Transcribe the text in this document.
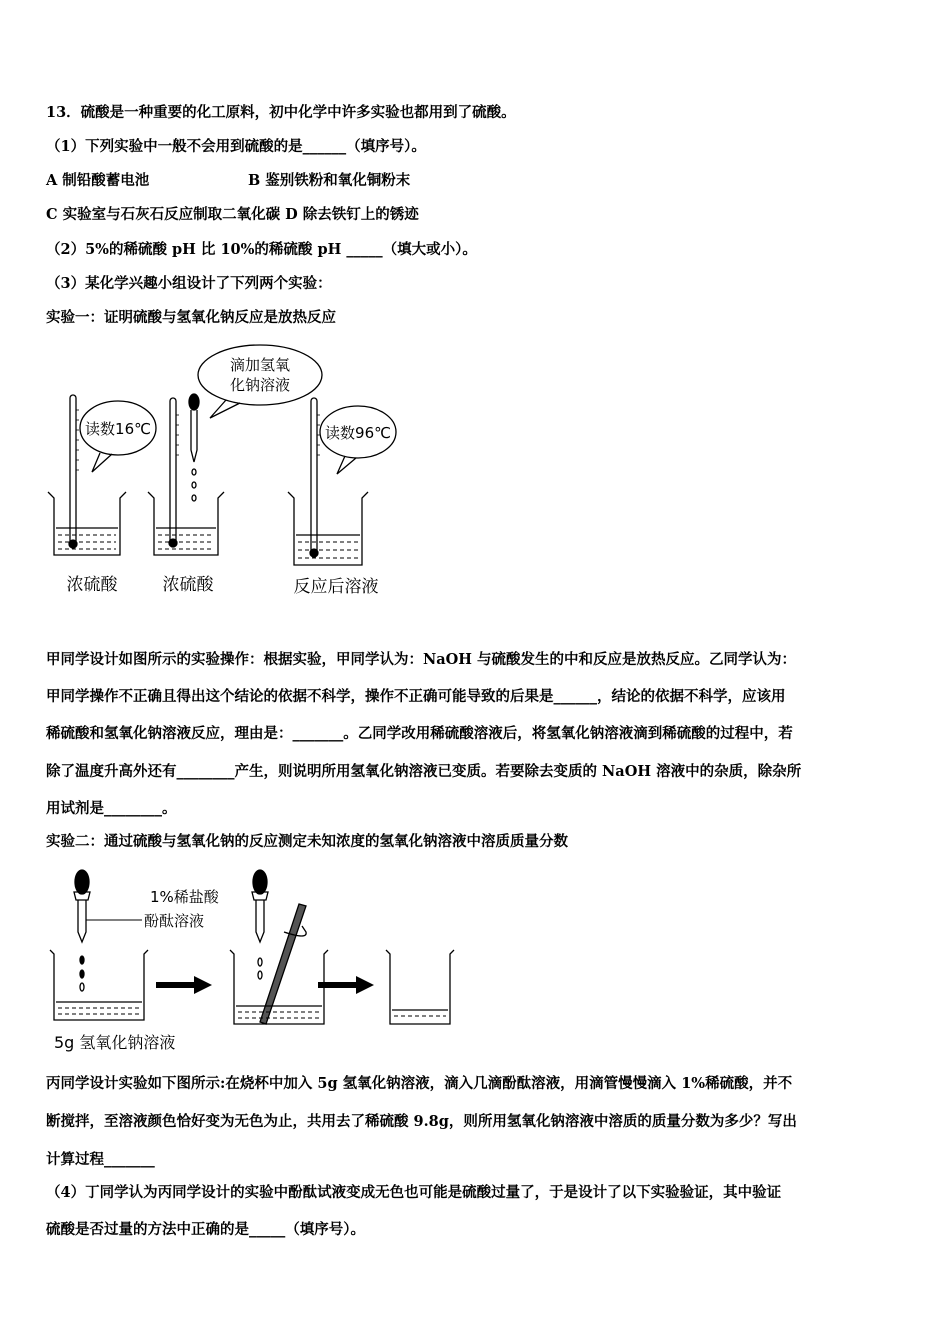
13．硫酸是一种重要的化工原料，初中化学中许多实验也都用到了硫酸。
（1）下列实验中一般不会用到硫酸的是______（填序号）。
A 制铅酸蓄电池	B 鉴别铁粉和氧化铜粉末
C 实验室与石灰石反应制取二氧化碳 D 除去铁钉上的锈迹
（2）5%的稀硫酸 pH 比 10%的稀硫酸 pH _____（填大或小）。
（3）某化学兴趣小组设计了下列两个实验：
实验一：证明硫酸与氢氧化钠反应是放热反应
读数16℃
滴加氢氧
化钠溶液
读数96℃
浓硫酸	浓硫酸	反应后溶液
甲同学设计如图所示的实验操作：根据实验，甲同学认为：NaOH 与硫酸发生的中和反应是放热反应。乙同学认为：
甲同学操作不正确且得出这个结论的依据不科学，操作不正确可能导致的后果是______，结论的依据不科学，应该用
稀硫酸和氢氧化钠溶液反应，理由是：_______。乙同学改用稀硫酸溶液后，将氢氧化钠溶液滴到稀硫酸的过程中，若
除了温度升高外还有________产生，则说明所用氢氧化钠溶液已变质。若要除去变质的 NaOH 溶液中的杂质，除杂所
用试剂是________。
实验二：通过硫酸与氢氧化钠的反应测定未知浓度的氢氧化钠溶液中溶质质量分数
1%稀盐酸
酚酞溶液
5g 氢氧化钠溶液
丙同学设计实验如下图所示:在烧杯中加入 5g 氢氧化钠溶液，滴入几滴酚酞溶液，用滴管慢慢滴入 1%稀硫酸，并不
断搅拌，至溶液颜色恰好变为无色为止，共用去了稀硫酸 9.8g，则所用氢氧化钠溶液中溶质的质量分数为多少？写出
计算过程_______
（4）丁同学认为丙同学设计的实验中酚酞试液变成无色也可能是硫酸过量了，于是设计了以下实验验证，其中验证
硫酸是否过量的方法中正确的是_____（填序号）。
